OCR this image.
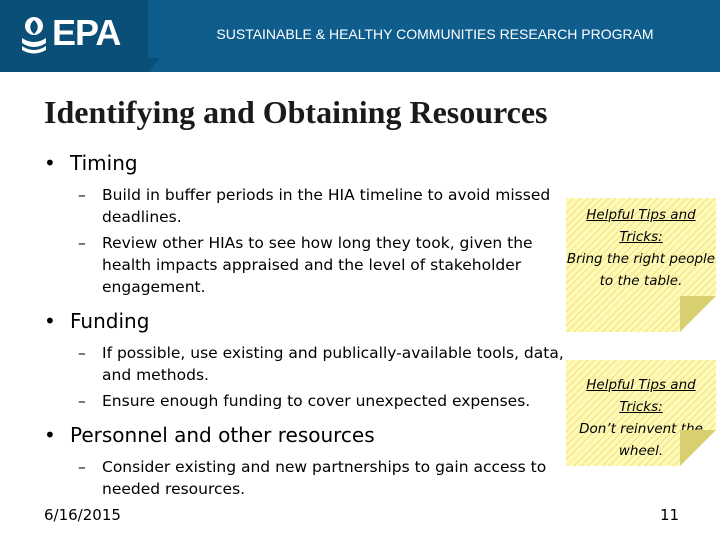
EPA	SUSTAINABLE & HEALTHY COMMUNITIES RESEARCH PROGRAM
Identifying and Obtaining Resources
• Timing
– Build in buffer periods in the HIA timeline to avoid missed deadlines.
– Review other HIAs to see how long they took, given the health impacts appraised and the level of stakeholder engagement.
• Funding
– If possible, use existing and publically-available tools, data, and methods.
– Ensure enough funding to cover unexpected expenses.
• Personnel and other resources
– Consider existing and new partnerships to gain access to needed resources.
Helpful Tips and Tricks:
Bring the right people to the table.
Helpful Tips and Tricks:
Don’t reinvent the wheel.
6/16/2015	11
